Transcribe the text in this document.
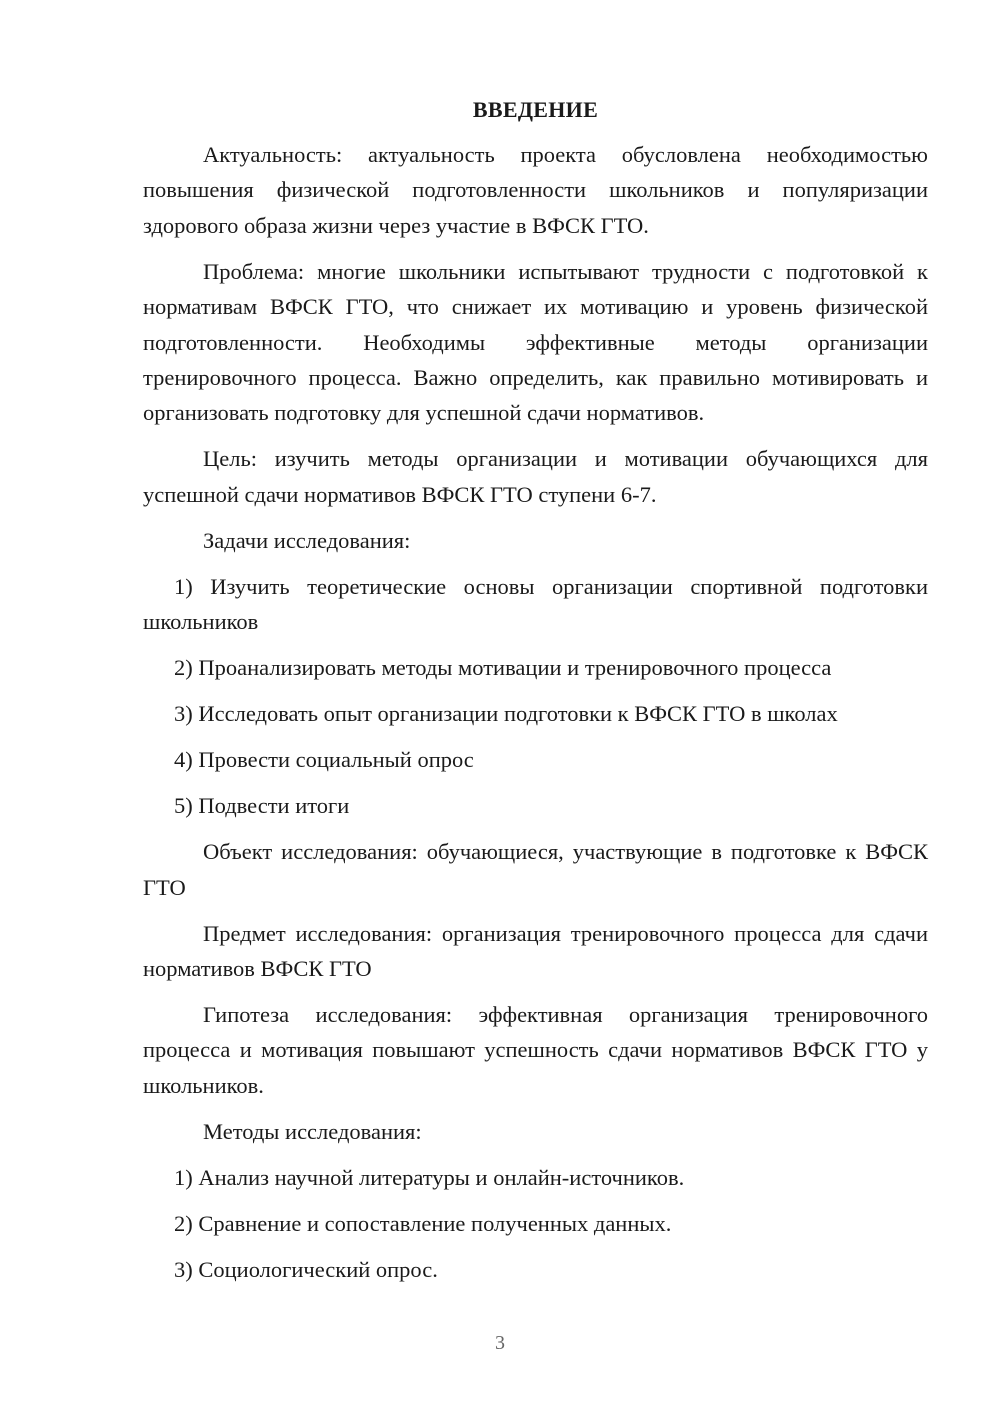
ВВЕДЕНИЕ

Актуальность: актуальность проекта обусловлена необходимостью повышения физической подготовленности школьников и популяризации здорового образа жизни через участие в ВФСК ГТО.

Проблема: многие школьники испытывают трудности с подготовкой к нормативам ВФСК ГТО, что снижает их мотивацию и уровень физической подготовленности. Необходимы эффективные методы организации тренировочного процесса. Важно определить, как правильно мотивировать и организовать подготовку для успешной сдачи нормативов.

Цель: изучить методы организации и мотивации обучающихся для успешной сдачи нормативов ВФСК ГТО ступени 6-7.

Задачи исследования:

1) Изучить теоретические основы организации спортивной подготовки школьников

2) Проанализировать методы мотивации и тренировочного процесса

3) Исследовать опыт организации подготовки к ВФСК ГТО в школах

4) Провести социальный опрос

5) Подвести итоги

Объект исследования: обучающиеся, участвующие в подготовке к ВФСК ГТО

Предмет исследования: организация тренировочного процесса для сдачи нормативов ВФСК ГТО

Гипотеза исследования: эффективная организация тренировочного процесса и мотивация повышают успешность сдачи нормативов ВФСК ГТО у школьников.

Методы исследования:

1) Анализ научной литературы и онлайн-источников.

2) Сравнение и сопоставление полученных данных.

3) Социологический опрос.

3
